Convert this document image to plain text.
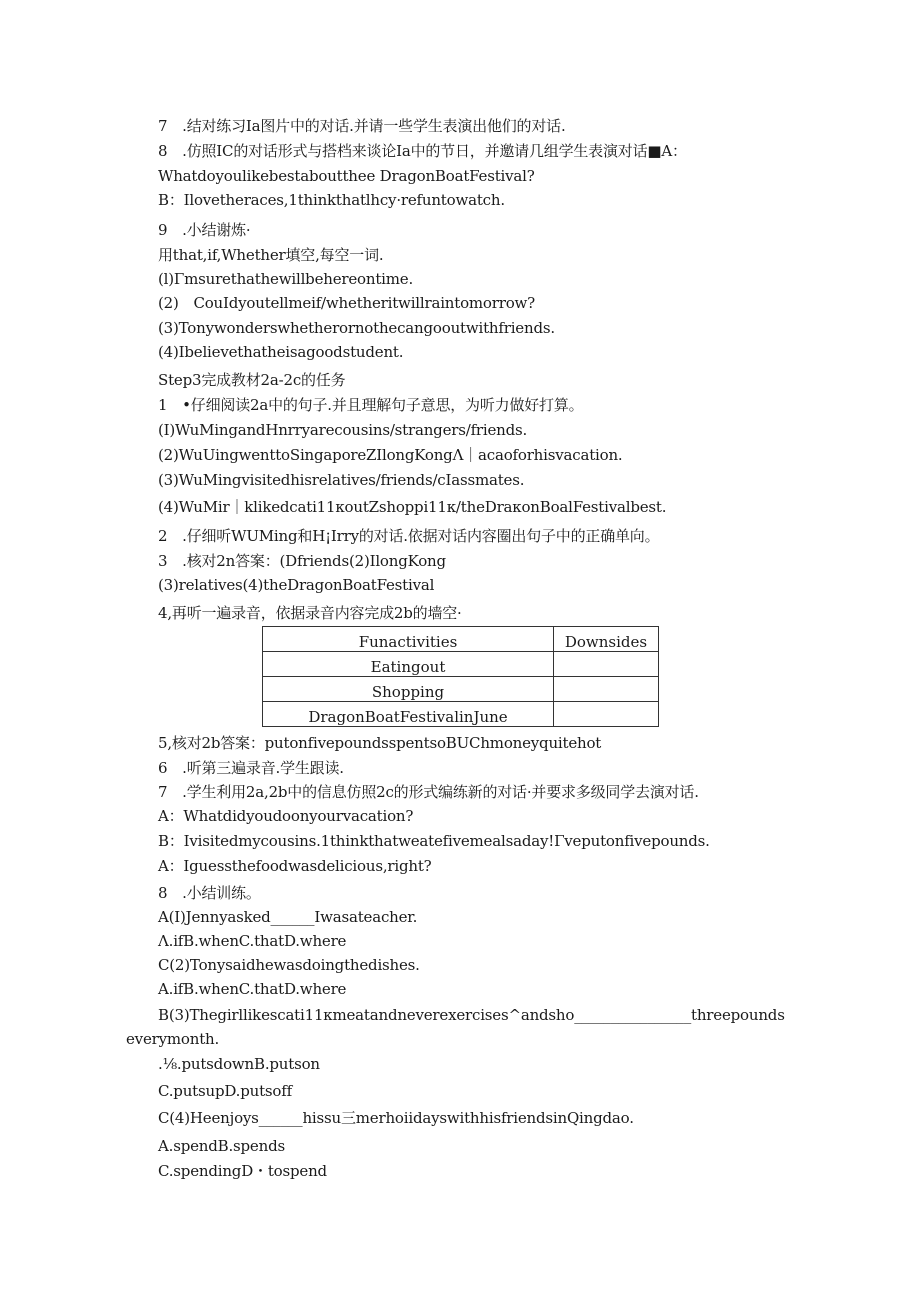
7　.结对练习Ia图片中的对话.并请一些学生表演出他们的对话.
8　.仿照IC的对话形式与搭档来谈论Ia中的节日，并邀请几组学生表演对话■A：
Whatdoyoulikebestabouttheе DragonBoatFestival?
B：Ilovetheraces,1thinkthatlhcy·refuntowatch.
9　.小结谢炼·
用that,if,Whether填空,每空一词.
(l)Γmsurethathewillbehereontime.
(2)　CouIdyoutellmeif/whetheritwillraintomorrow?
(3)Tonywonderswhetherornothecangooutwithfriends.
(4)Ibelievethatheisagoodstudent.
Step3完成教材2a-2c的任务
1　•仔细阅读2a中的句子.并且理解句子意思，为听力做好打算。
(I)WuMingandHnrryarecousins/strangers/friends.
(2)WuUingwenttoSingaporeZIlongKongΛ｜acaoforhisvacation.
(3)WuMingvisitedhisrelatives/friends/cIassmates.
(4)WuMir｜klikedcati11κoutZshoppi11κ/theDraκonBoalFestivalbest.
2　.仔细听WUMing和H¡Irry的对话.依据对话内容圈出句子中的正确单向。
3　.核对2n答案：(Dfriends(2)IlongKong
(3)relatives(4)theDragonBoatFestival
4,再听一遍录音，依据录音内容完成2b的墙空·
Funactivities	Downsides
Eatingout	
Shopping	
DragonBoatFestivalinJune	
5,核对2b答案：putonfivepoundsspentsoBUChmoneyquitehot
6　.听第三遍录音.学生跟读.
7　.学生利用2a,2b中的信息仿照2c的形式编练新的对话·并要求多级同学去演对话.
A：Whatdidyoudoonyourvacation?
B：Ivisitedmycousins.1thinkthatweatefivemealsaday!Γveputonfivepounds.
A：Iguessthefoodwasdelicious,right?
8　.小结训练。
A(I)Jennyasked______Iwasateacher.
Λ.ifB.whenC.thatD.where
C(2)Tonysaidhewasdoingthedishes.
A.ifB.whenC.thatD.where
B(3)Thegirllikescati11κmeatandneverexercises^andsho________________threepounds
everymonth.
.⅛.putsdownB.putson
C.putsupD.putsoff
C(4)Heenjoys______hissu三merhoiidayswithhisfriendsinQingdao.
A.spendB.spends
C.spendingD・tospend
